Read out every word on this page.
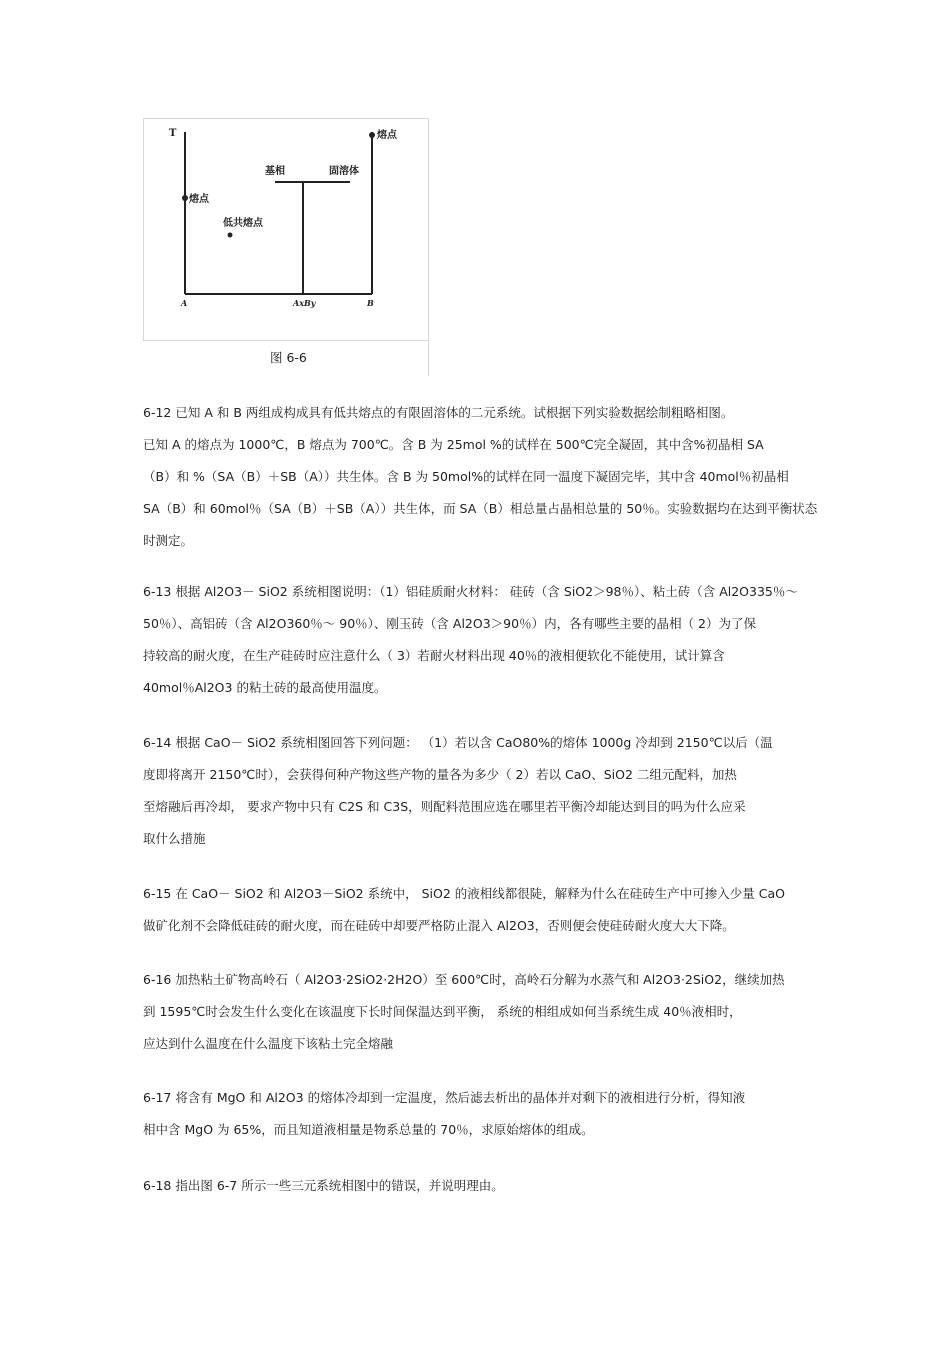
T	熔点
熔点
基相	固溶体
低共熔点
A	AxBy	B
图 6-6
6-12 已知 A 和 B 两组成构成具有低共熔点的有限固溶体的二元系统。试根据下列实验数据绘制粗略相图。
已知 A 的熔点为 1000℃，B 熔点为 700℃。含 B 为 25mol %的试样在 500℃完全凝固，其中含%初晶相 SA
（B）和 %（SA（B）＋SB（A））共生体。含 B 为 50mol%的试样在同一温度下凝固完毕，其中含 40mol％初晶相
SA（B）和 60mol％（SA（B）＋SB（A））共生体，而 SA（B）相总量占晶相总量的 50％。实验数据均在达到平衡状态
时测定。
6-13 根据 Al2O3－ SiO2 系统相图说明：（1）铝硅质耐火材料： 硅砖（含 SiO2＞98％）、粘土砖（含 Al2O335％～
50％）、高铝砖（含 Al2O360％～ 90％）、刚玉砖（含 Al2O3＞90％）内，各有哪些主要的晶相（ 2）为了保
持较高的耐火度，在生产硅砖时应注意什么（ 3）若耐火材料出现 40％的液相便软化不能使用，试计算含
40mol％Al2O3 的粘土砖的最高使用温度。
6-14 根据 CaO－ SiO2 系统相图回答下列问题： （1）若以含 CaO80%的熔体 1000g 冷却到 2150℃以后（温
度即将离开 2150℃时），会获得何种产物这些产物的量各为多少（ 2）若以 CaO、SiO2 二组元配料，加热
至熔融后再冷却， 要求产物中只有 C2S 和 C3S，则配料范围应选在哪里若平衡冷却能达到目的吗为什么应采
取什么措施
6-15 在 CaO－ SiO2 和 Al2O3－SiO2 系统中， SiO2 的液相线都很陡，解释为什么在硅砖生产中可掺入少量 CaO
做矿化剂不会降低硅砖的耐火度，而在硅砖中却要严格防止混入 Al2O3，否则便会使硅砖耐火度大大下降。
6-16 加热粘土矿物高岭石（ Al2O3·2SiO2·2H2O）至 600℃时，高岭石分解为水蒸气和 Al2O3·2SiO2，继续加热
到 1595℃时会发生什么变化在该温度下长时间保温达到平衡， 系统的相组成如何当系统生成 40％液相时，
应达到什么温度在什么温度下该粘土完全熔融
6-17 将含有 MgO 和 Al2O3 的熔体冷却到一定温度，然后滤去析出的晶体并对剩下的液相进行分析，得知液
相中含 MgO 为 65%，而且知道液相量是物系总量的 70％，求原始熔体的组成。
6-18 指出图 6-7 所示一些三元系统相图中的错误，并说明理由。
